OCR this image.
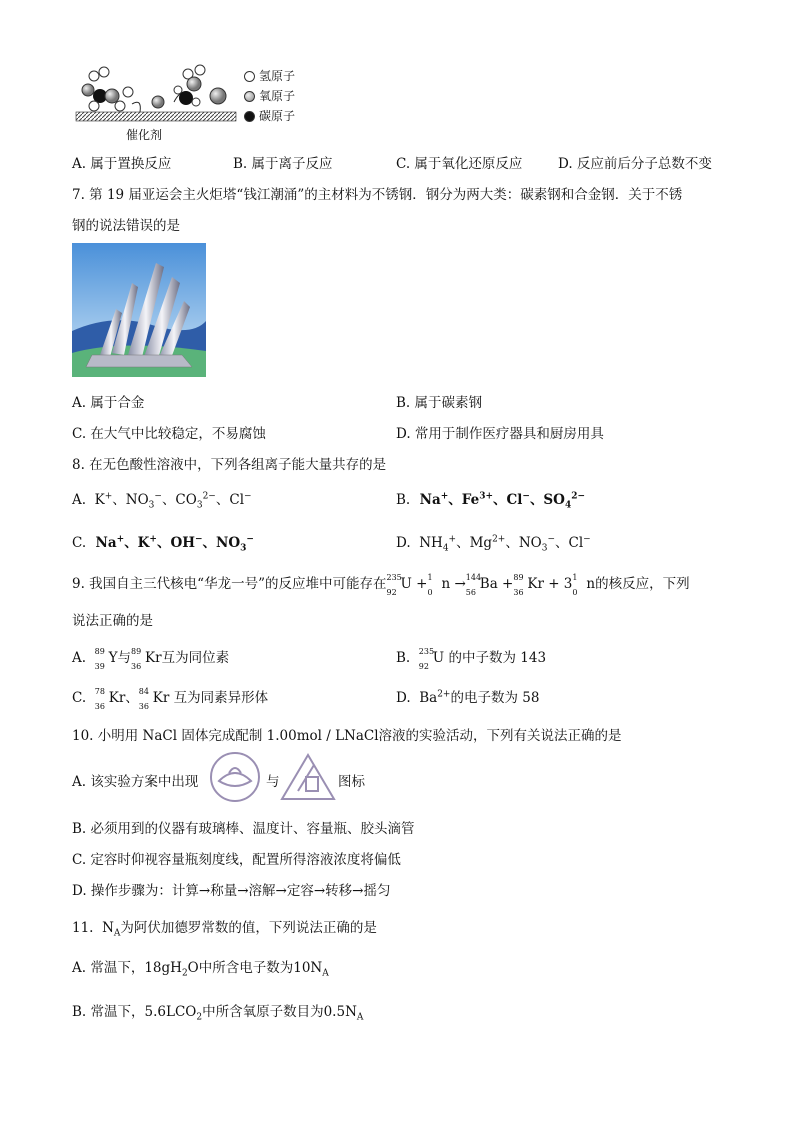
催化剂
氢原子
氧原子
碳原子
A. 属于置换反应	B. 属于离子反应	C. 属于氧化还原反应	D. 反应前后分子总数不变
7. 第 19 届亚运会主火炬塔“钱江潮涌”的主材料为不锈钢．钢分为两大类：碳素钢和合金钢．关于不锈
钢的说法错误的是
A. 属于合金	B. 属于碳素钢
C. 在大气中比较稳定，不易腐蚀	D. 常用于制作医疗器具和厨房用具
8. 在无色酸性溶液中，下列各组离子能大量共存的是
A.  K+、$NO_3^-$、$CO_3^{2-}$、Cl−	B.  Na+、$Fe^{3+}$、Cl−、$SO_4^{2-}$
C.  Na+、K+、OH−、$NO_3^-$	D.  $NH_4^+$、$Mg^{2+}$、$NO_3^-$、Cl−
9. 我国自主三代核电“华龙一号”的反应堆中可能存在 235
92 U + 1
0 n → 144
56 Ba + 89
36 Kr + 3 1
0 n的核反应，下列
说法正确的是
A. 89
39 Y与 89
36 Kr互为同位素	B. 235
92 U 的中子数为 143
C. 78
36 Kr、 84
36 Kr 互为同素异形体	D.  $Ba^{2+}$的电子数为 58
10. 小明用 NaCl 固体完成配制 1.00mol / LNaCl溶液的实验活动，下列有关说法正确的是
A. 该实验方案中出现	与	图标
B. 必须用到的仪器有玻璃棒、温度计、容量瓶、胶头滴管
C. 定容时仰视容量瓶刻度线，配置所得溶液浓度将偏低
D. 操作步骤为：计算→称量→溶解→定容→转移→摇匀
11.  $N_A$为阿伏加德罗常数的值，下列说法正确的是
A. 常温下，$18gH_2O$中所含电子数为$10N_A$
B. 常温下，$5.6LCO_2$中所含氧原子数目为$0.5N_A$
